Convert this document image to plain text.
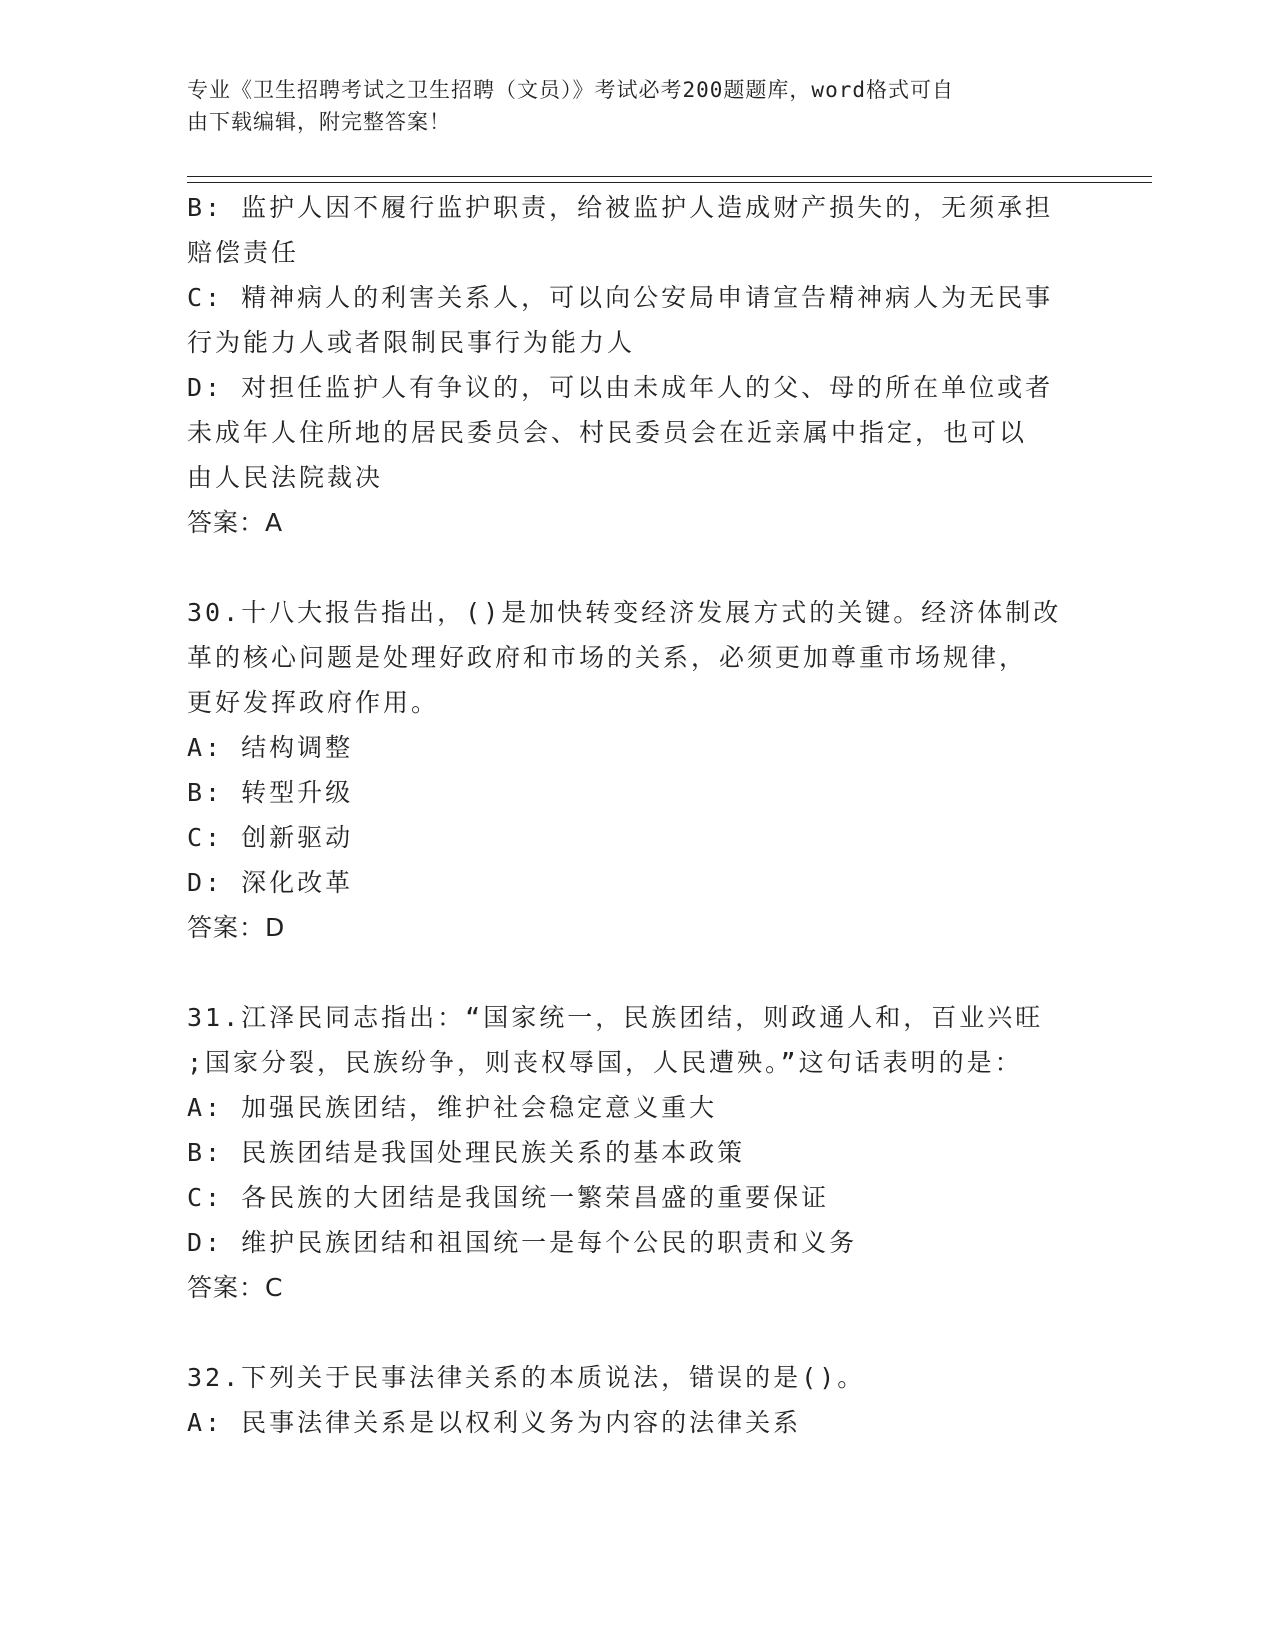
专业《卫生招聘考试之卫生招聘（文员）》考试必考200题题库，word格式可自
由下载编辑，附完整答案！
B: 监护人因不履行监护职责，给被监护人造成财产损失的，无须承担
赔偿责任
C: 精神病人的利害关系人，可以向公安局申请宣告精神病人为无民事
行为能力人或者限制民事行为能力人
D: 对担任监护人有争议的，可以由未成年人的父、母的所在单位或者
未成年人住所地的居民委员会、村民委员会在近亲属中指定，也可以
由人民法院裁决
答案：A
30.十八大报告指出，()是加快转变经济发展方式的关键。经济体制改
革的核心问题是处理好政府和市场的关系，必须更加尊重市场规律，
更好发挥政府作用。
A: 结构调整
B: 转型升级
C: 创新驱动
D: 深化改革
答案：D
31.江泽民同志指出：“国家统一，民族团结，则政通人和，百业兴旺
;国家分裂，民族纷争，则丧权辱国，人民遭殃。”这句话表明的是：
A: 加强民族团结，维护社会稳定意义重大
B: 民族团结是我国处理民族关系的基本政策
C: 各民族的大团结是我国统一繁荣昌盛的重要保证
D: 维护民族团结和祖国统一是每个公民的职责和义务
答案：C
32.下列关于民事法律关系的本质说法，错误的是()。
A: 民事法律关系是以权利义务为内容的法律关系
